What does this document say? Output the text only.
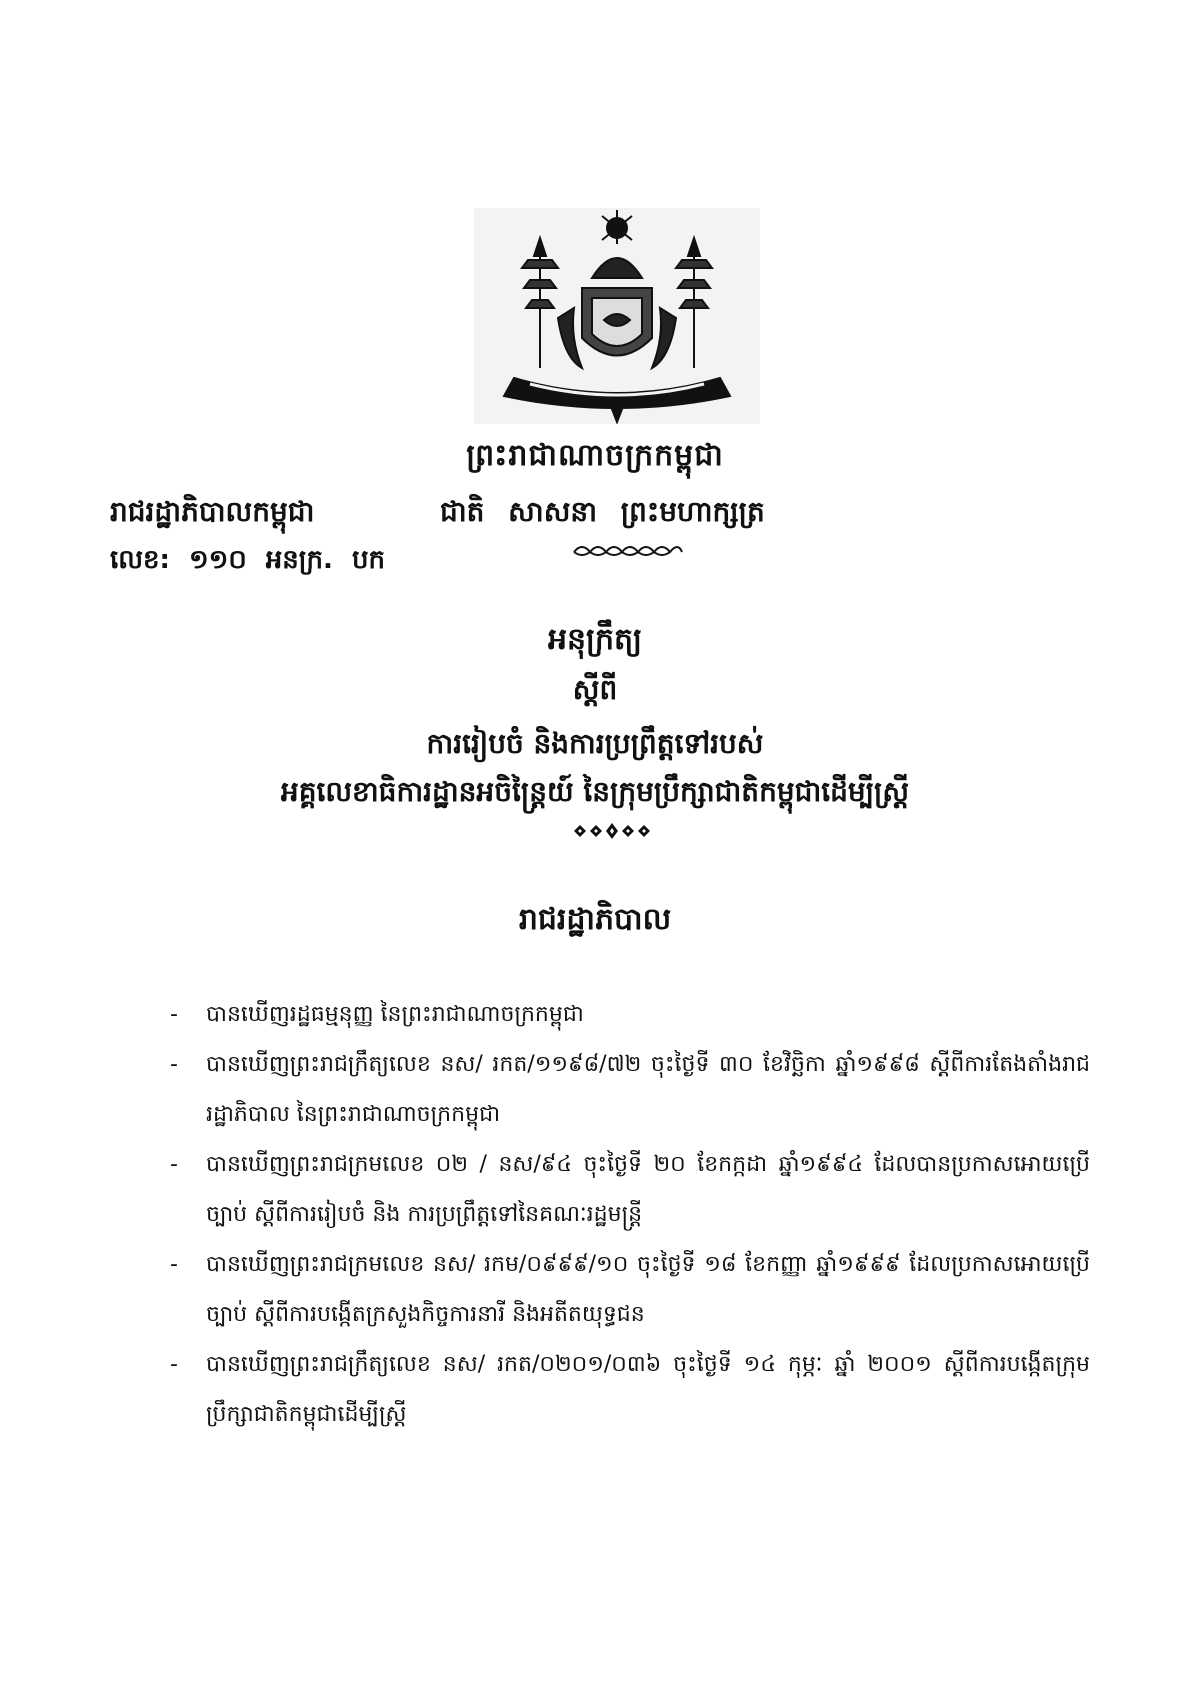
ព្រះរាជាណាចក្រកម្ពុជា
រាជរដ្ឋាភិបាលកម្ពុជា	ជាតិ សាសនា ព្រះមហាក្សត្រ
លេខ: ១១០ អនក្រ. បក
អនុក្រឹត្យ
ស្តីពី
ការរៀបចំ និងការប្រព្រឹត្តទៅរបស់
អគ្គលេខាធិការដ្ឋានអចិន្ត្រៃយ៍ នៃក្រុមប្រឹក្សាជាតិកម្ពុជាដើម្បីស្ត្រី
រាជរដ្ឋាភិបាល
- បានឃើញរដ្ឋធម្មនុញ្ញ នៃព្រះរាជាណាចក្រកម្ពុជា
- បានឃើញព្រះរាជក្រឹត្យលេខ នស/ រកត/១១៩៨/៧២ ចុះថ្ងៃទី ៣០ ខែវិច្ឆិកា ឆ្នាំ១៩៩៨ ស្តីពីការតែងតាំងរាជរដ្ឋាភិបាល នៃព្រះរាជាណាចក្រកម្ពុជា
- បានឃើញព្រះរាជក្រមលេខ ០២ / នស/៩៤ ចុះថ្ងៃទី ២០ ខែកក្កដា ឆ្នាំ១៩៩៤ ដែលបានប្រកាសអោយប្រើច្បាប់ ស្តីពីការរៀបចំ និង ការប្រព្រឹត្តទៅនៃគណៈរដ្ឋមន្ត្រី
- បានឃើញព្រះរាជក្រមលេខ នស/ រកម/០៩៩៩/១០ ចុះថ្ងៃទី ១៨ ខែកញ្ញា ឆ្នាំ១៩៩៩ ដែលប្រកាសអោយប្រើច្បាប់ ស្តីពីការបង្កើតក្រសួងកិច្ចការនារី និងអតីតយុទ្ធជន
- បានឃើញព្រះរាជក្រឹត្យលេខ នស/ រកត/០២០១/០៣៦ ចុះថ្ងៃទី ១៤ កុម្ភៈ ឆ្នាំ ២០០១ ស្តីពីការបង្កើតក្រុមប្រឹក្សាជាតិកម្ពុជាដើម្បីស្ត្រី
